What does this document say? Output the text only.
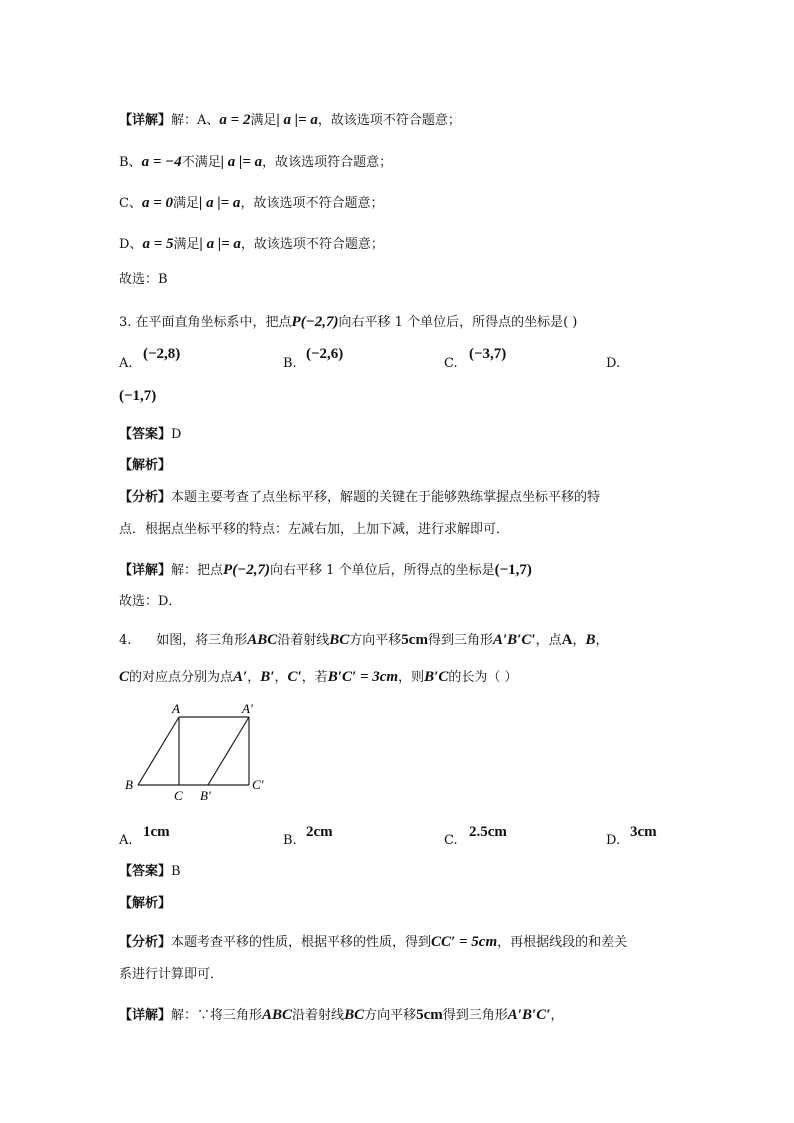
【详解】解：A、a = 2满足| a |= a，故该选项不符合题意；
B、a = −4不满足| a |= a，故该选项符合题意；
C、a = 0满足| a |= a，故该选项不符合题意；
D、a = 5满足| a |= a，故该选项不符合题意；
故选：B
3. 在平面直角坐标系中，把点P(−2,7)向右平移 1 个单位后，所得点的坐标是( )
A.
(−2,8)
B.
(−2,6)
C.
(−3,7)
D.
(−1,7)
【答案】D
【解析】
【分析】本题主要考查了点坐标平移，解题的关键在于能够熟练掌握点坐标平移的特
点．根据点坐标平移的特点：左减右加，上加下减，进行求解即可．
【详解】解：把点P(−2,7)向右平移 1 个单位后，所得点的坐标是(−1,7)
故选：D．
4. 如图，将三角形ABC沿着射线BC方向平移5cm得到三角形A′B′C′，点A，B，
C的对应点分别为点A′，B′，C′，若B′C′ = 3cm，则B′C的长为（ ）
A	A′
B
C B′
C′
A.
1cm
B.
2cm
C.
2.5cm
D.
3cm
【答案】B
【解析】
【分析】本题考查平移的性质，根据平移的性质，得到CC′ = 5cm，再根据线段的和差关
系进行计算即可．
【详解】解：∵将三角形ABC沿着射线BC方向平移5cm得到三角形A′B′C′，
